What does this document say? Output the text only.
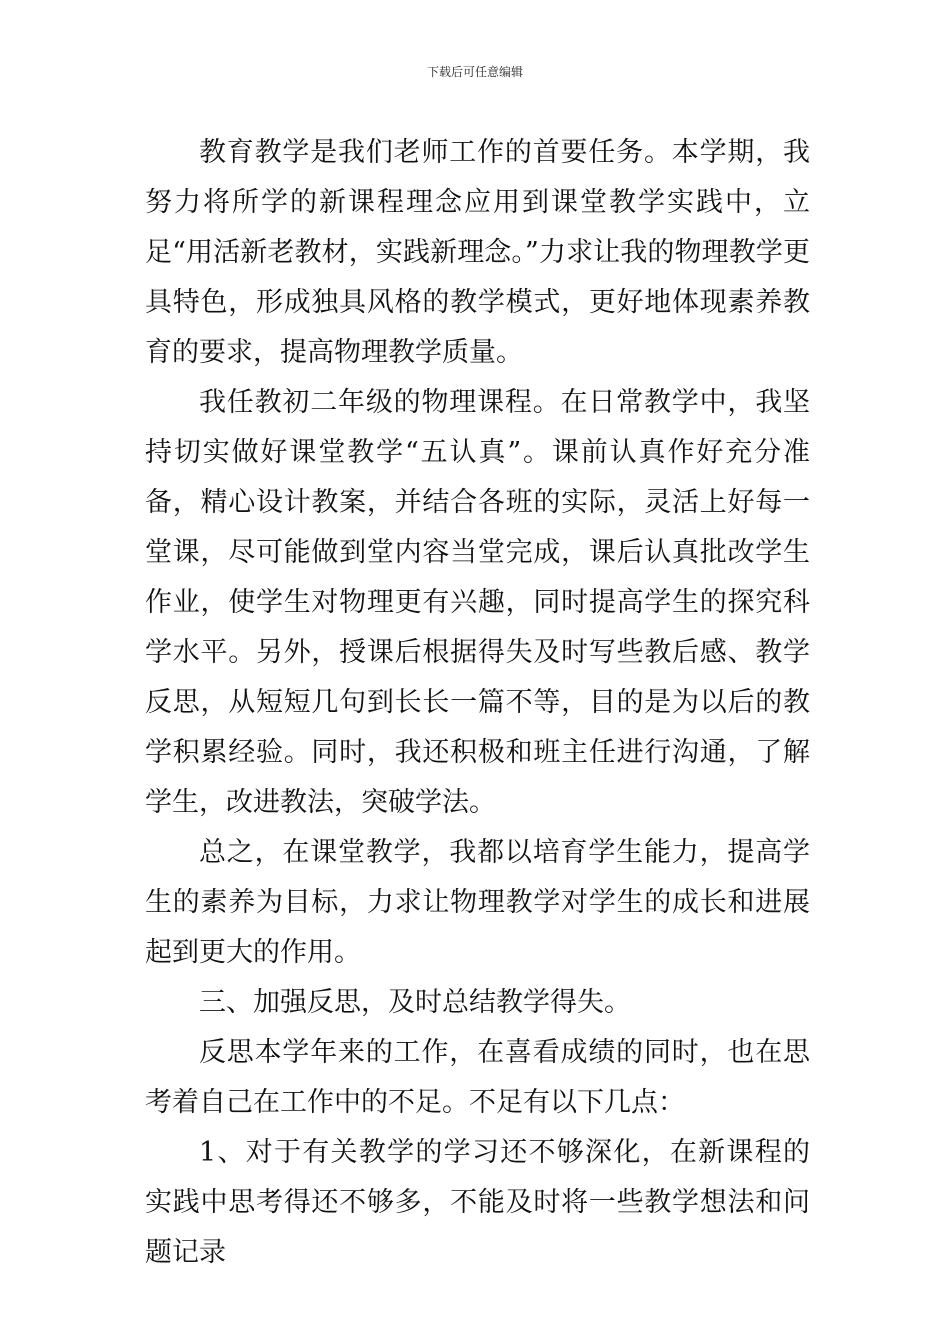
下载后可任意编辑

教育教学是我们老师工作的首要任务。本学期，我努力将所学的新课程理念应用到课堂教学实践中，立足“用活新老教材，实践新理念。”力求让我的物理教学更具特色，形成独具风格的教学模式，更好地体现素养教育的要求，提高物理教学质量。

我任教初二年级的物理课程。在日常教学中，我坚持切实做好课堂教学“五认真”。课前认真作好充分准备，精心设计教案，并结合各班的实际，灵活上好每一堂课，尽可能做到堂内容当堂完成，课后认真批改学生作业，使学生对物理更有兴趣，同时提高学生的探究科学水平。另外，授课后根据得失及时写些教后感、教学反思，从短短几句到长长一篇不等，目的是为以后的教学积累经验。同时，我还积极和班主任进行沟通，了解学生，改进教法，突破学法。

总之，在课堂教学，我都以培育学生能力，提高学生的素养为目标，力求让物理教学对学生的成长和进展起到更大的作用。

三、加强反思，及时总结教学得失。

反思本学年来的工作，在喜看成绩的同时，也在思考着自己在工作中的不足。不足有以下几点：

1、对于有关教学的学习还不够深化，在新课程的实践中思考得还不够多，不能及时将一些教学想法和问题记录
